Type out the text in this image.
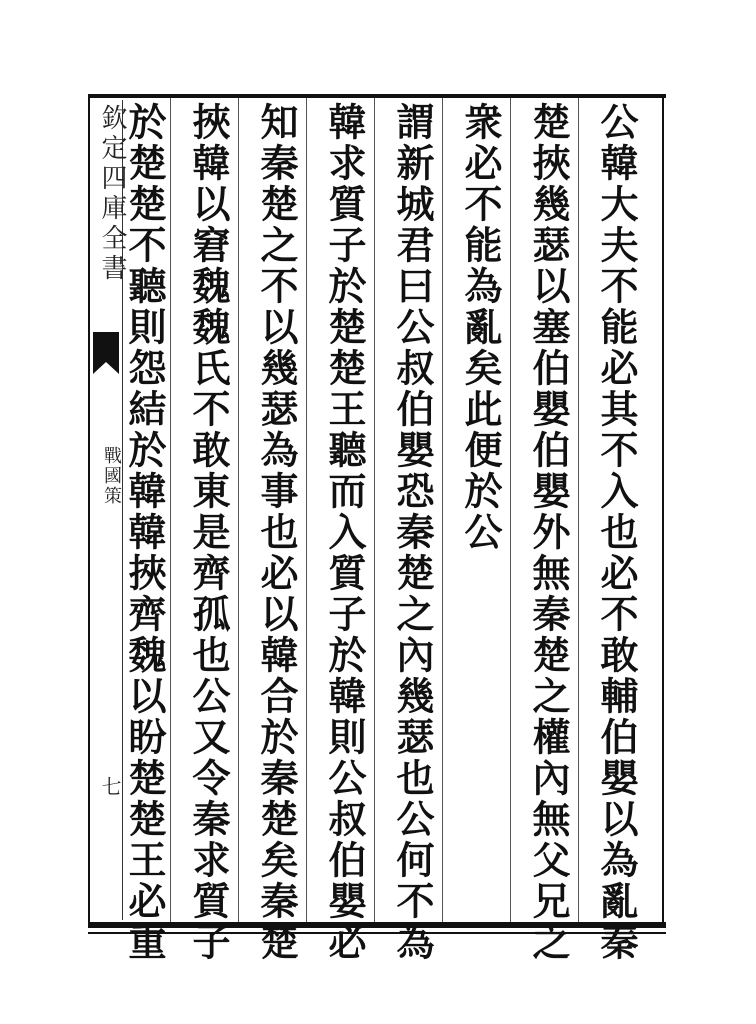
欽定四庫全書
戰國策
七	公韓大夫不能必其不入也必不敢輔伯嬰以為亂秦
楚挾幾瑟以塞伯嬰伯嬰外無秦楚之權內無父兄之
衆必不能為亂矣此便於公
謂新城君曰公叔伯嬰恐秦楚之內幾瑟也公何不為
韓求質子於楚楚王聽而入質子於韓則公叔伯嬰必
知秦楚之不以幾瑟為事也必以韓合於秦楚矣秦楚
挾韓以窘魏魏氏不敢東是齊孤也公又令秦求質子
於楚楚不聽則怨結於韓韓挾齊魏以盼楚楚王必重
